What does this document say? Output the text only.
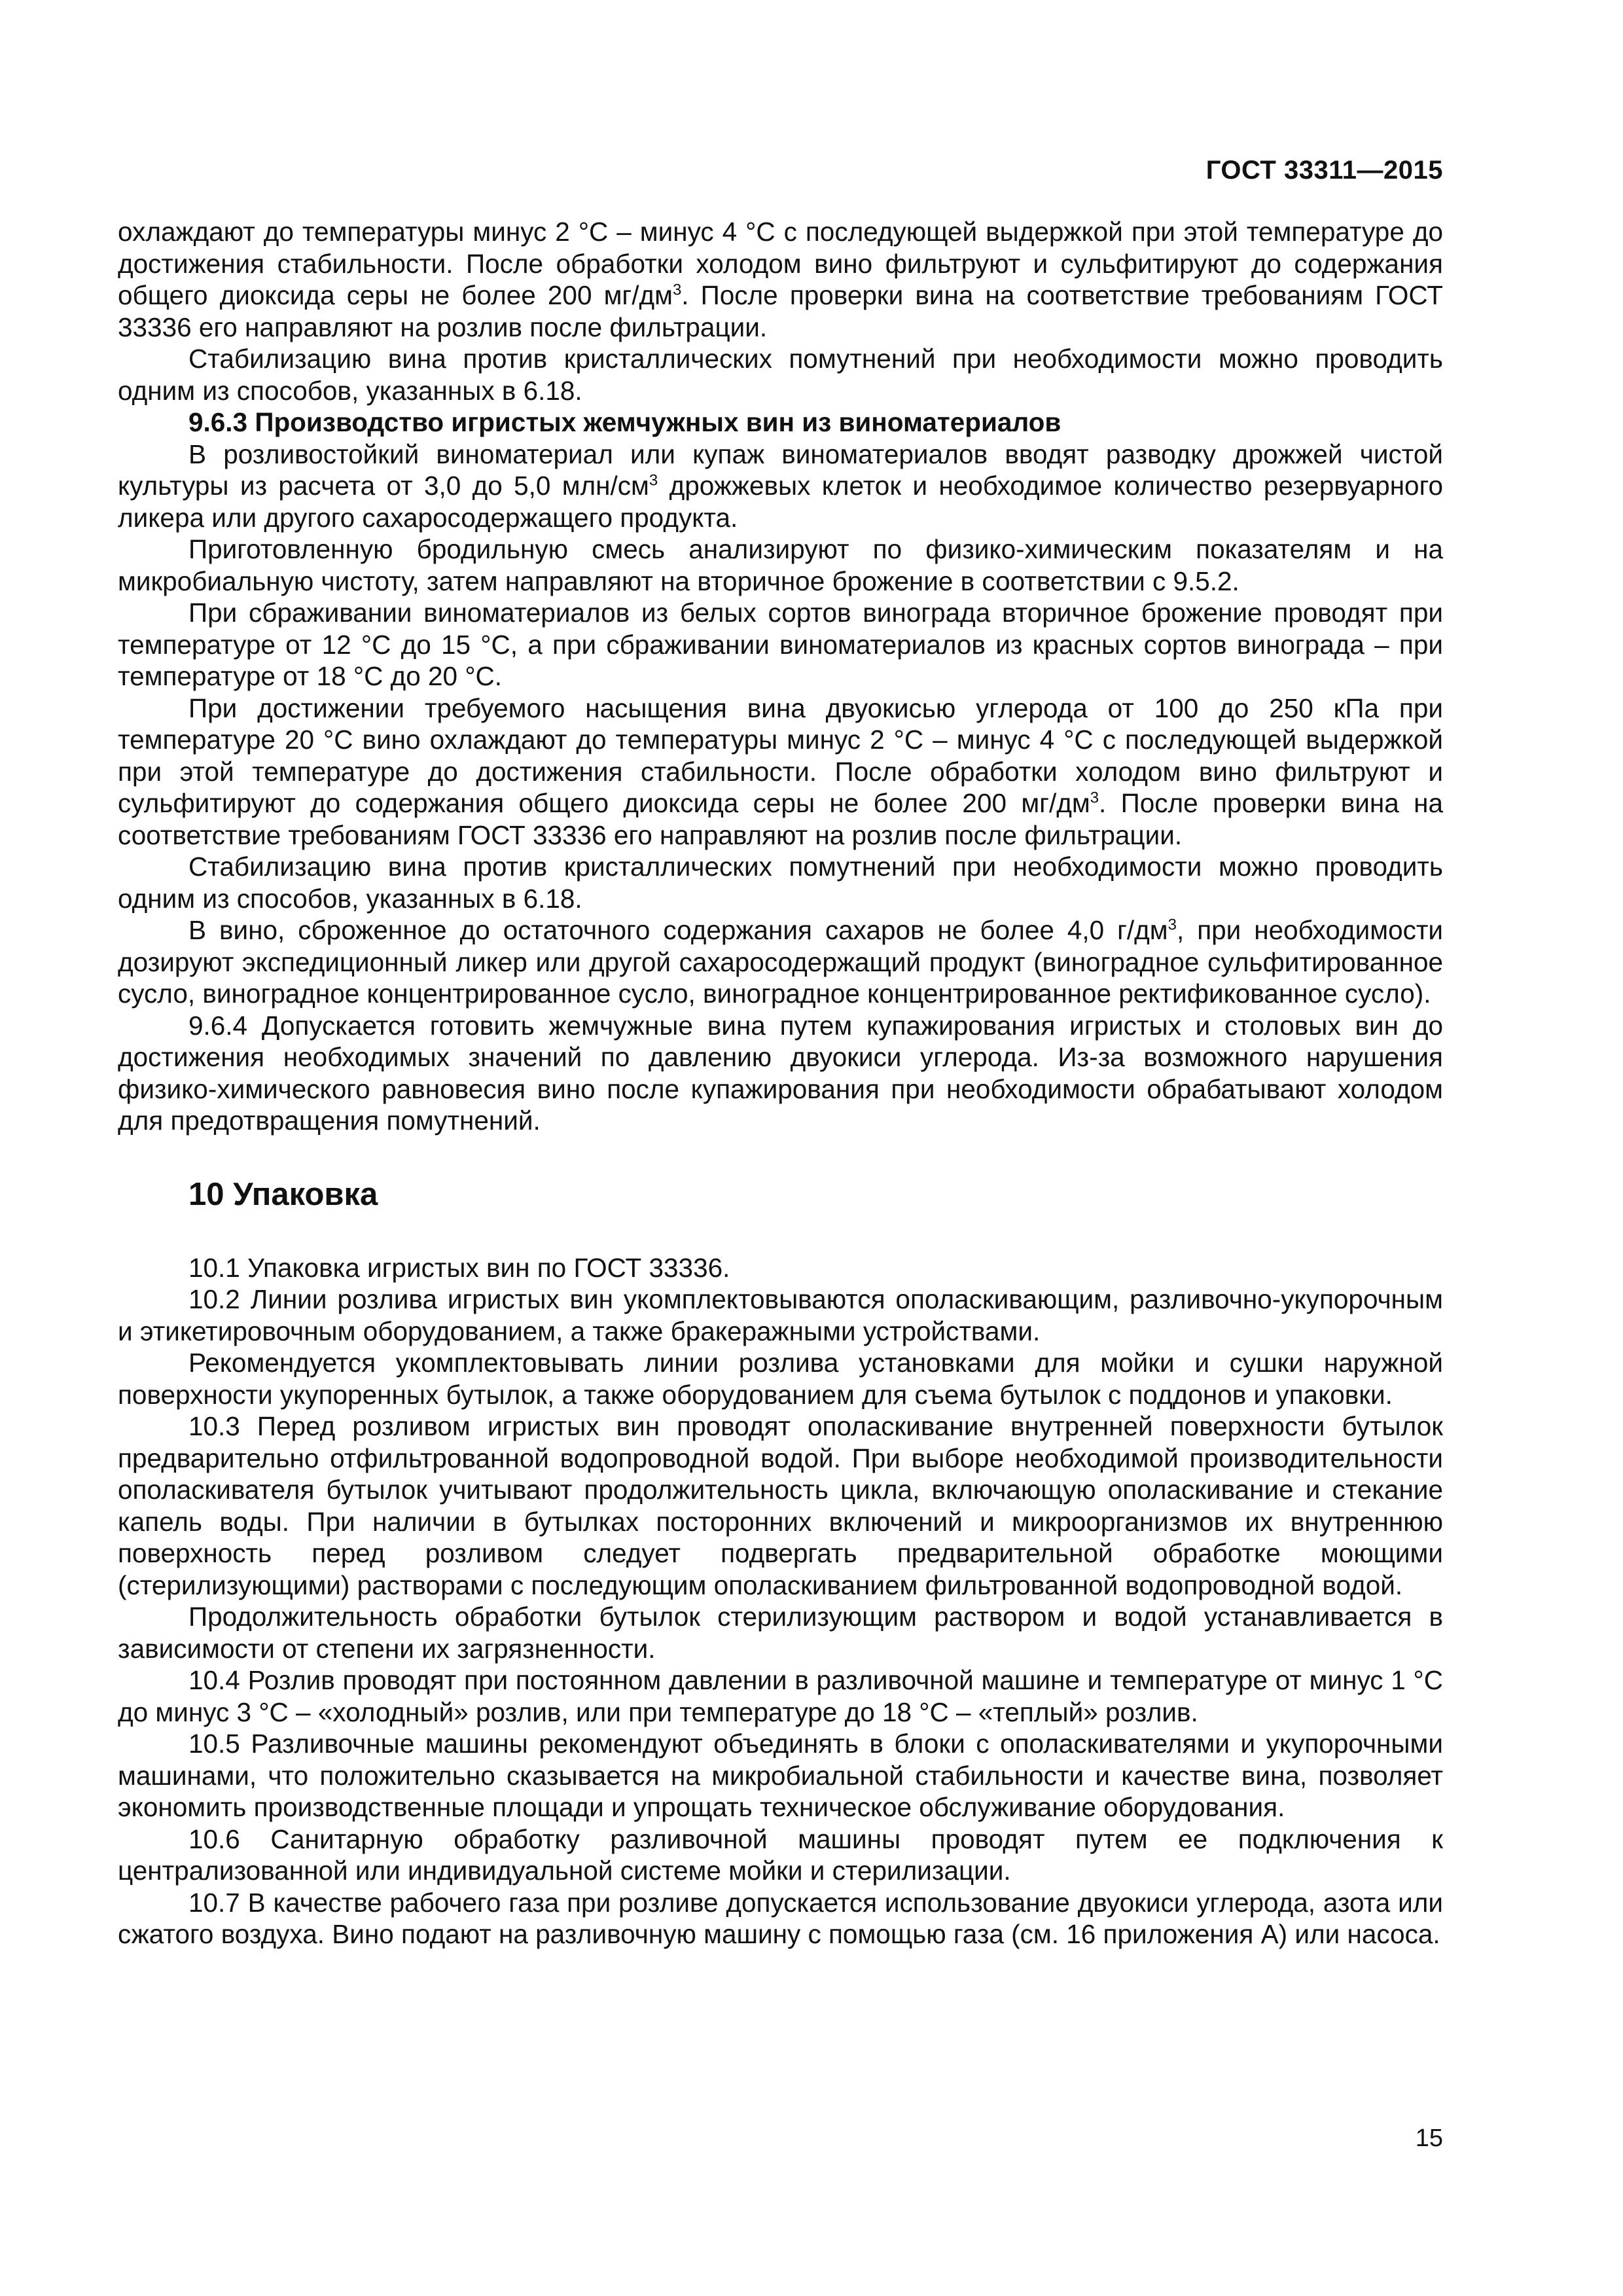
ГОСТ 33311—2015

охлаждают до температуры минус 2 °С – минус 4 °С с последующей выдержкой при этой температуре до достижения стабильности. После обработки холодом вино фильтруют и сульфитируют до содержания общего диоксида серы не более 200 $мг/дм^3$. После проверки вина на соответствие требованиям ГОСТ 33336 его направляют на розлив после фильтрации.

Стабилизацию вина против кристаллических помутнений при необходимости можно проводить одним из способов, указанных в 6.18.

9.6.3 Производство игристых жемчужных вин из виноматериалов

В розливостойкий виноматериал или купаж виноматериалов вводят разводку дрожжей чистой культуры из расчета от 3,0 до 5,0 млн/$см^3$ дрожжевых клеток и необходимое количество резервуарного ликера или другого сахаросодержащего продукта.

Приготовленную бродильную смесь анализируют по физико-химическим показателям и на микробиальную чистоту, затем направляют на вторичное брожение в соответствии с 9.5.2.

При сбраживании виноматериалов из белых сортов винограда вторичное брожение проводят при температуре от 12 °С до 15 °С, а при сбраживании виноматериалов из красных сортов винограда – при температуре от 18 °С до 20 °С.

При достижении требуемого насыщения вина двуокисью углерода от 100 до 250 кПа при температуре 20 °С вино охлаждают до температуры минус 2 °С – минус 4 °С с последующей выдержкой при этой температуре до достижения стабильности. После обработки холодом вино фильтруют и сульфитируют до содержания общего диоксида серы не более 200 $мг/дм^3$. После проверки вина на соответствие требованиям ГОСТ 33336 его направляют на розлив после фильтрации.

Стабилизацию вина против кристаллических помутнений при необходимости можно проводить одним из способов, указанных в 6.18.

В вино, сброженное до остаточного содержания сахаров не более 4,0 $г/дм^3$, при необходимости дозируют экспедиционный ликер или другой сахаросодержащий продукт (виноградное сульфитированное сусло, виноградное концентрированное сусло, виноградное концентрированное ректификованное сусло).

9.6.4 Допускается готовить жемчужные вина путем купажирования игристых и столовых вин до достижения необходимых значений по давлению двуокиси углерода. Из-за возможного нарушения физико-химического равновесия вино после купажирования при необходимости обрабатывают холодом для предотвращения помутнений.

10 Упаковка

10.1 Упаковка игристых вин по ГОСТ 33336.

10.2 Линии розлива игристых вин укомплектовываются ополаскивающим, разливочно-укупорочным и этикетировочным оборудованием, а также бракеражными устройствами.

Рекомендуется укомплектовывать линии розлива установками для мойки и сушки наружной поверхности укупоренных бутылок, а также оборудованием для съема бутылок с поддонов и упаковки.

10.3 Перед розливом игристых вин проводят ополаскивание внутренней поверхности бутылок предварительно отфильтрованной водопроводной водой. При выборе необходимой производительности ополаскивателя бутылок учитывают продолжительность цикла, включающую ополаскивание и стекание капель воды. При наличии в бутылках посторонних включений и микроорганизмов их внутреннюю поверхность перед розливом следует подвергать предварительной обработке моющими (стерилизующими) растворами с последующим ополаскиванием фильтрованной водопроводной водой.

Продолжительность обработки бутылок стерилизующим раствором и водой устанавливается в зависимости от степени их загрязненности.

10.4 Розлив проводят при постоянном давлении в разливочной машине и температуре от минус 1 °С до минус 3 °С – «холодный» розлив, или при температуре до 18 °С – «теплый» розлив.

10.5 Разливочные машины рекомендуют объединять в блоки с ополаскивателями и укупорочными машинами, что положительно сказывается на микробиальной стабильности и качестве вина, позволяет экономить производственные площади и упрощать техническое обслуживание оборудования.

10.6 Санитарную обработку разливочной машины проводят путем ее подключения к централизованной или индивидуальной системе мойки и стерилизации.

10.7 В качестве рабочего газа при розливе допускается использование двуокиси углерода, азота или сжатого воздуха. Вино подают на разливочную машину с помощью газа (см. 16 приложения А) или насоса.

15
